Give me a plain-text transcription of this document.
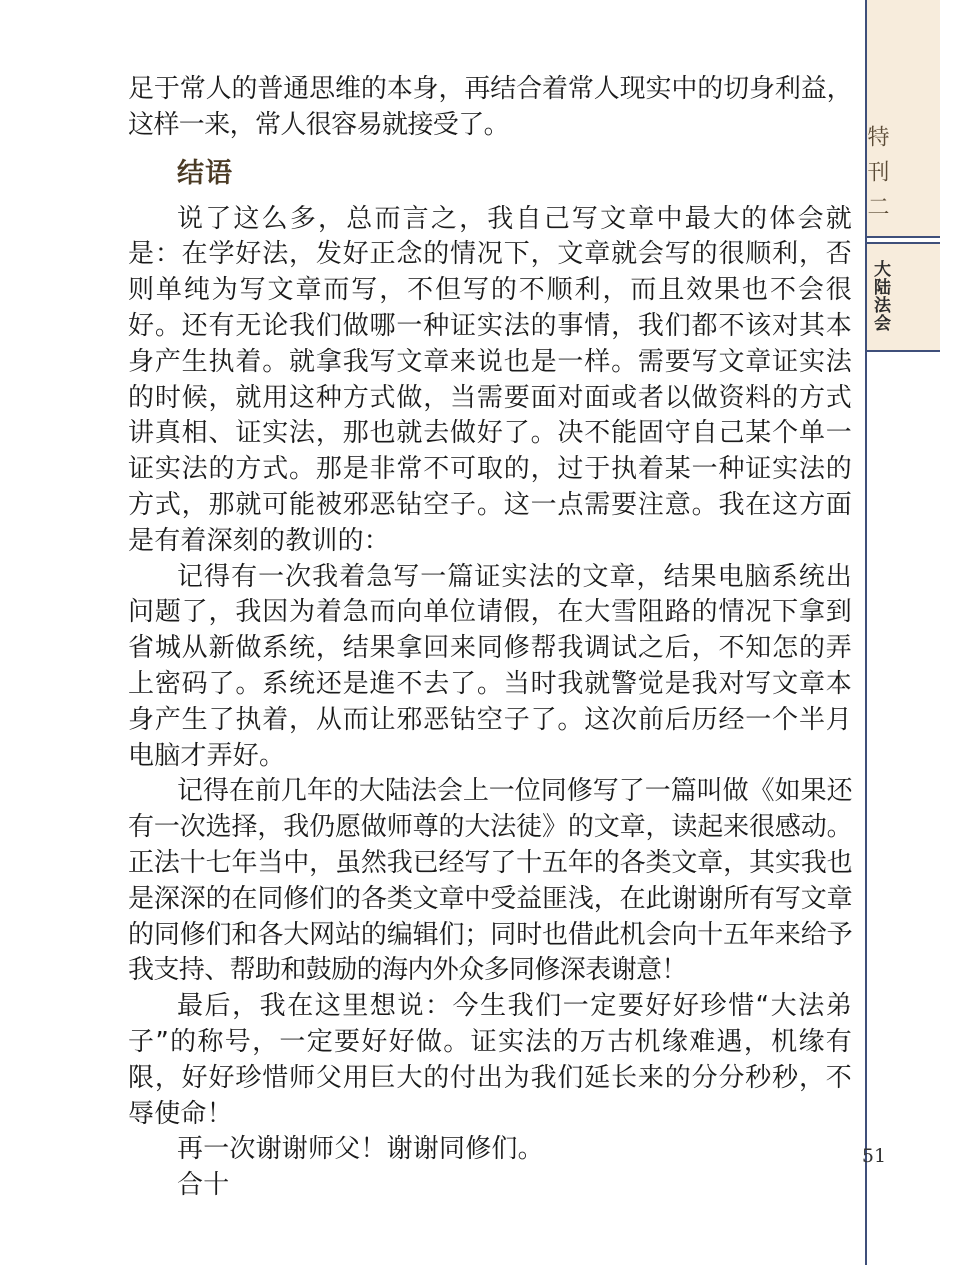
特刊二
大陆法会
51

足于常人的普通思维的本身，再结合着常人现实中的切身利益，这样一来，常人很容易就接受了。

结语

说了这么多，总而言之，我自己写文章中最大的体会就是：在学好法，发好正念的情况下，文章就会写的很顺利，否则单纯为写文章而写，不但写的不顺利，而且效果也不会很好。还有无论我们做哪一种证实法的事情，我们都不该对其本身产生执着。就拿我写文章来说也是一样。需要写文章证实法的时候，就用这种方式做，当需要面对面或者以做资料的方式讲真相、证实法，那也就去做好了。决不能固守自己某个单一证实法的方式。那是非常不可取的，过于执着某一种证实法的方式，那就可能被邪恶钻空子。这一点需要注意。我在这方面是有着深刻的教训的：

记得有一次我着急写一篇证实法的文章，结果电脑系统出问题了，我因为着急而向单位请假，在大雪阻路的情况下拿到省城从新做系统，结果拿回来同修帮我调试之后，不知怎的弄上密码了。系统还是進不去了。当时我就警觉是我对写文章本身产生了执着，从而让邪恶钻空子了。这次前后历经一个半月电脑才弄好。

记得在前几年的大陆法会上一位同修写了一篇叫做《如果还有一次选择，我仍愿做师尊的大法徒》的文章，读起来很感动。正法十七年当中，虽然我已经写了十五年的各类文章，其实我也是深深的在同修们的各类文章中受益匪浅，在此谢谢所有写文章的同修们和各大网站的编辑们；同时也借此机会向十五年来给予我支持、帮助和鼓励的海内外众多同修深表谢意！

最后，我在这里想说：今生我们一定要好好珍惜“大法弟子”的称号，一定要好好做。证实法的万古机缘难遇，机缘有限，好好珍惜师父用巨大的付出为我们延长来的分分秒秒，不辱使命！

再一次谢谢师父！谢谢同修们。

合十
